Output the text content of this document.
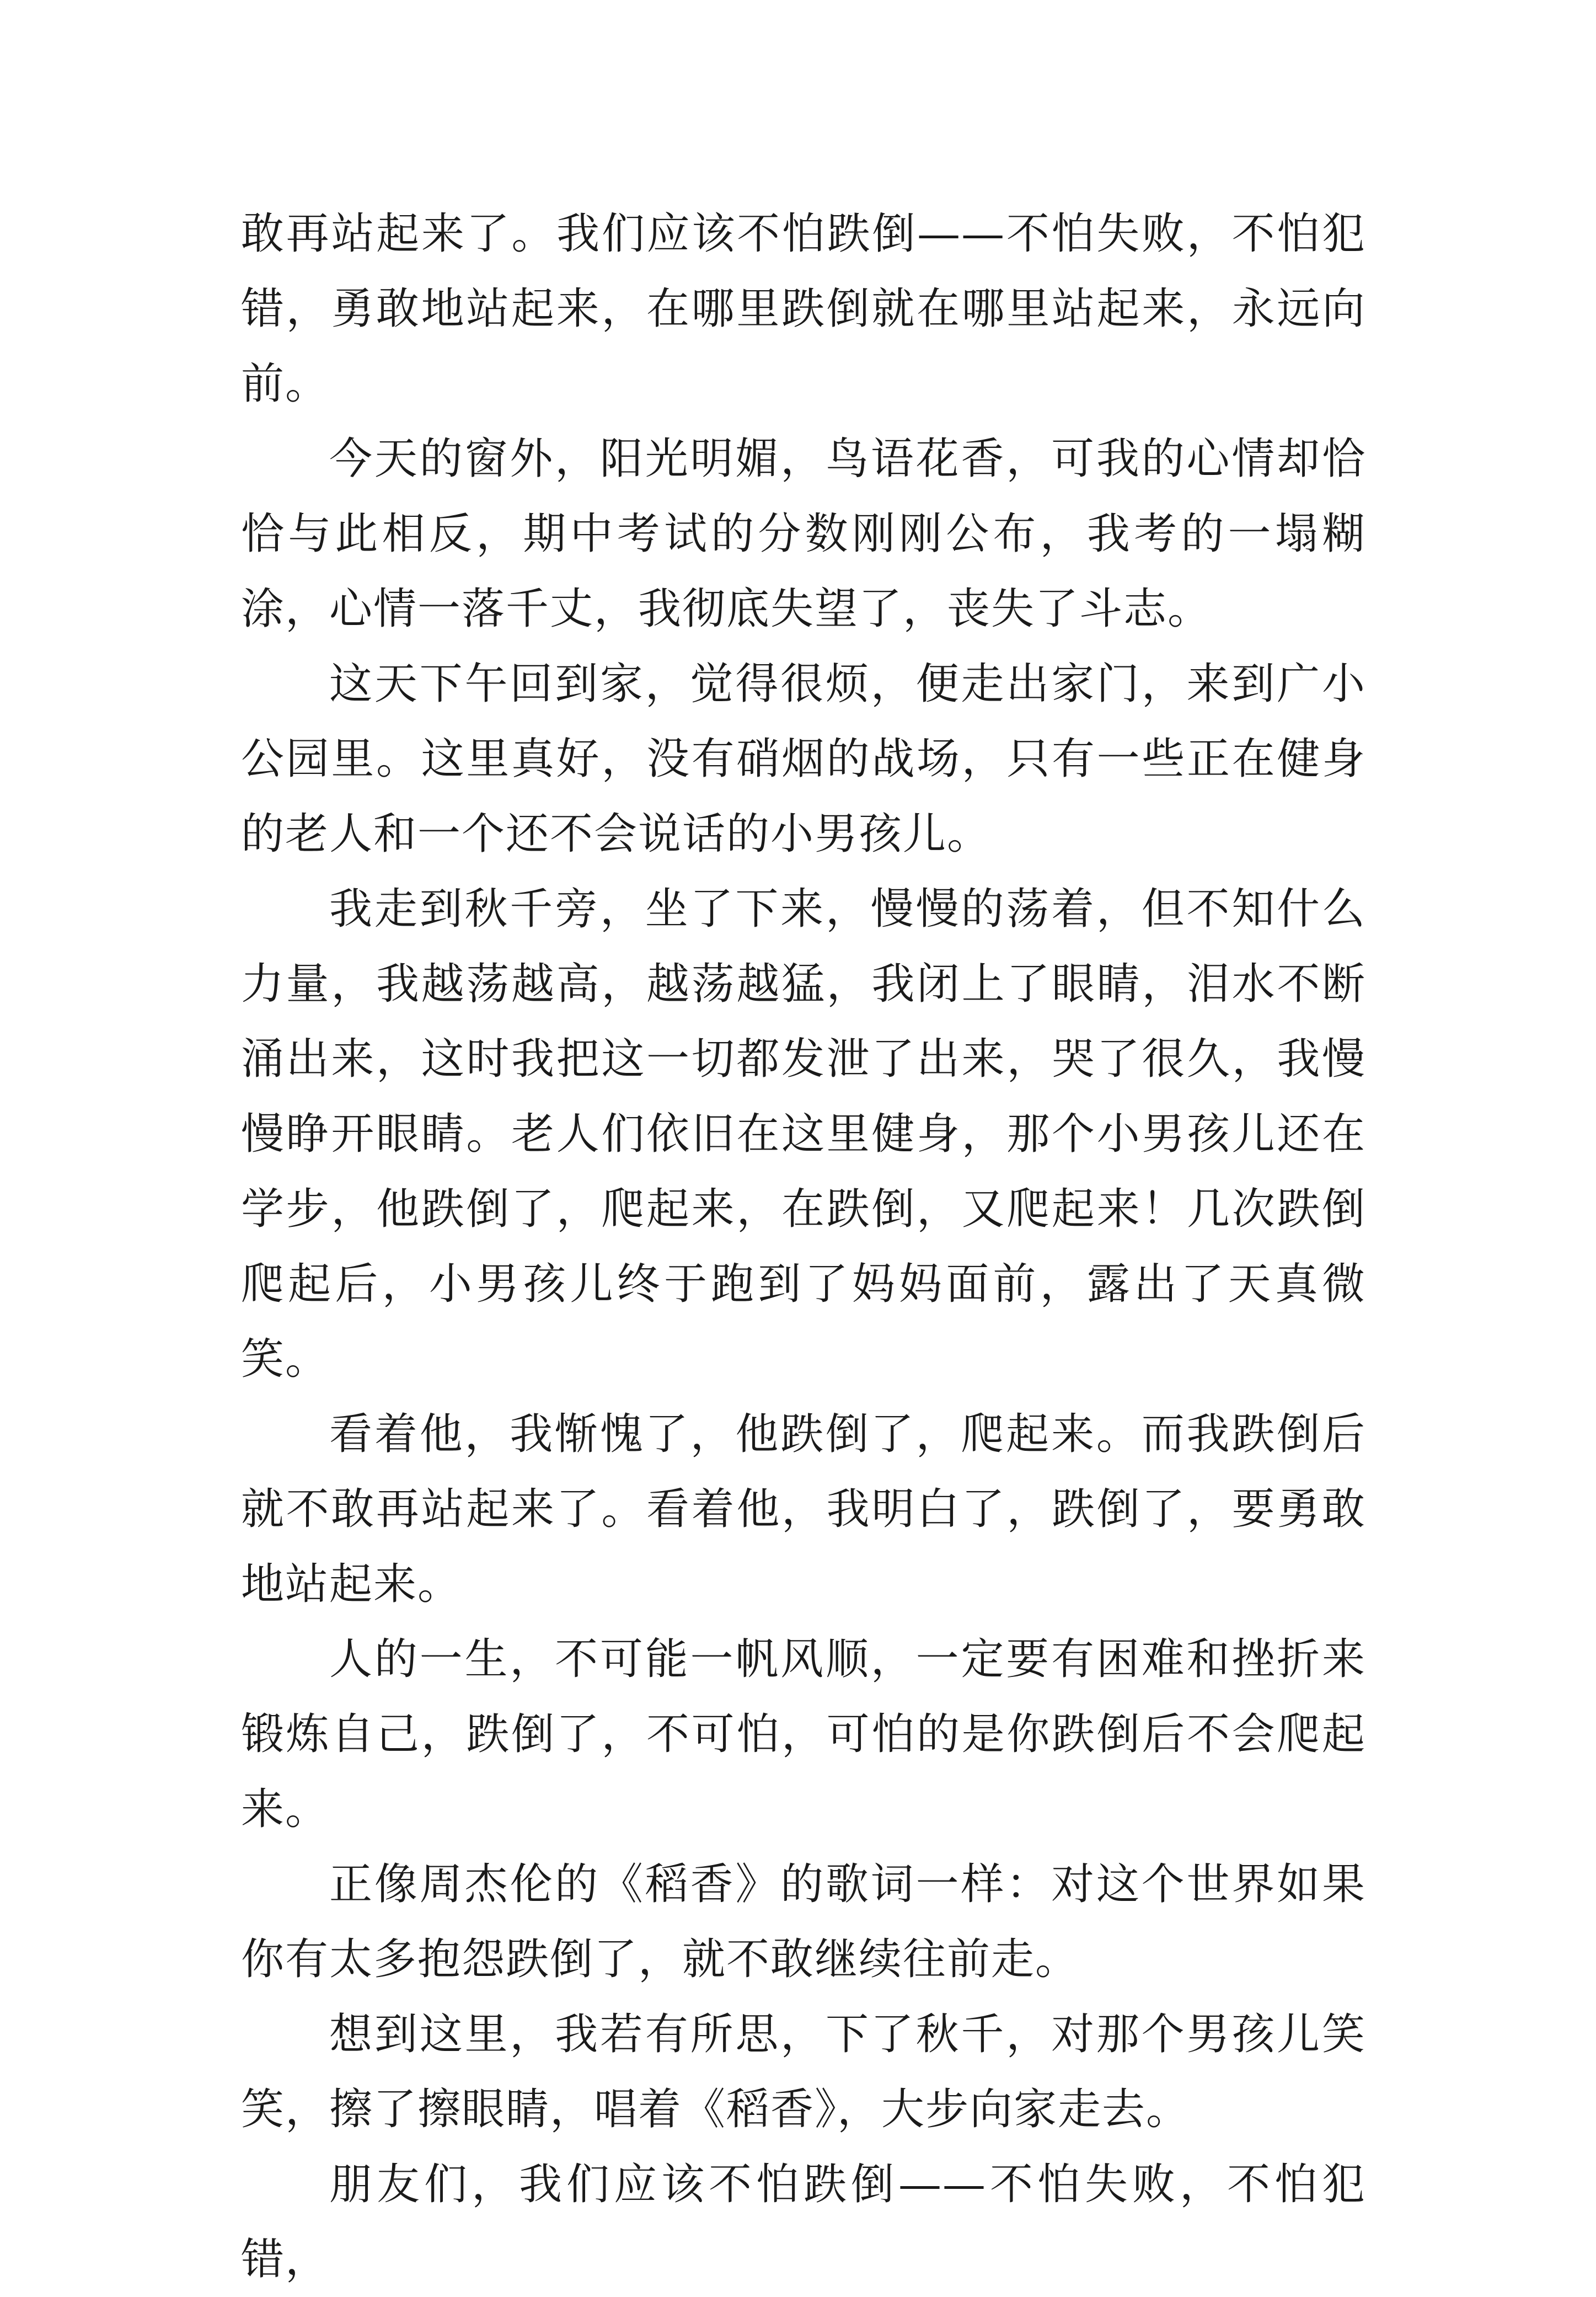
敢再站起来了。我们应该不怕跌倒——不怕失败，不怕犯错，勇敢地站起来，在哪里跌倒就在哪里站起来，永远向前。

今天的窗外，阳光明媚，鸟语花香，可我的心情却恰恰与此相反，期中考试的分数刚刚公布，我考的一塌糊涂，心情一落千丈，我彻底失望了，丧失了斗志。

这天下午回到家，觉得很烦，便走出家门，来到广小公园里。这里真好，没有硝烟的战场，只有一些正在健身的老人和一个还不会说话的小男孩儿。

我走到秋千旁，坐了下来，慢慢的荡着，但不知什么力量，我越荡越高，越荡越猛，我闭上了眼睛，泪水不断涌出来，这时我把这一切都发泄了出来，哭了很久，我慢慢睁开眼睛。老人们依旧在这里健身，那个小男孩儿还在学步，他跌倒了，爬起来，在跌倒，又爬起来！几次跌倒爬起后，小男孩儿终于跑到了妈妈面前，露出了天真微笑。

看着他，我惭愧了，他跌倒了，爬起来。而我跌倒后就不敢再站起来了。看着他，我明白了，跌倒了，要勇敢地站起来。

人的一生，不可能一帆风顺，一定要有困难和挫折来锻炼自己，跌倒了，不可怕，可怕的是你跌倒后不会爬起来。

正像周杰伦的《稻香》的歌词一样：对这个世界如果你有太多抱怨跌倒了，就不敢继续往前走。

想到这里，我若有所思，下了秋千，对那个男孩儿笑笑，擦了擦眼睛，唱着《稻香》，大步向家走去。

朋友们，我们应该不怕跌倒——不怕失败，不怕犯错，
